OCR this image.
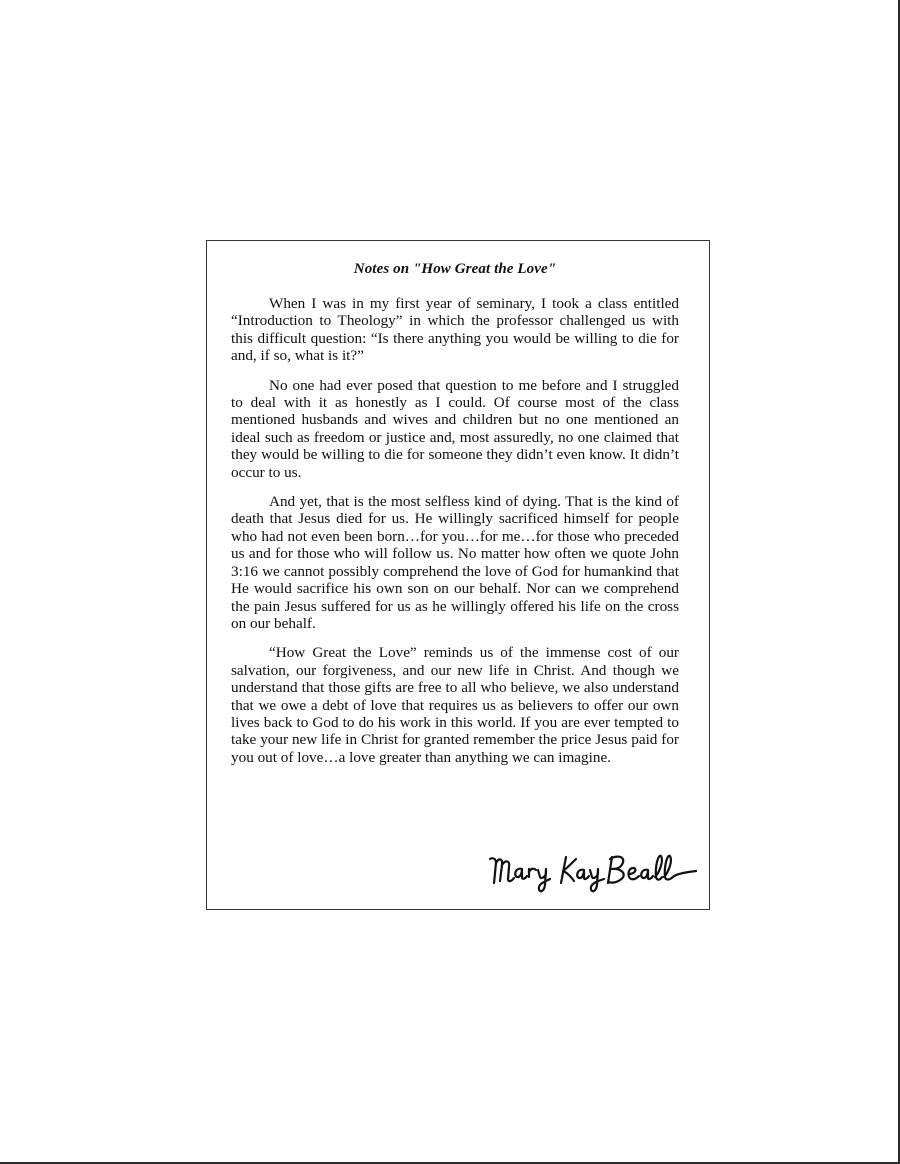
Notes on "How Great the Love"

When I was in my first year of seminary, I took a class entitled “Introduction to Theology” in which the professor challenged us with this difficult question: “Is there anything you would be willing to die for and, if so, what is it?”

No one had ever posed that question to me before and I struggled to deal with it as honestly as I could. Of course most of the class mentioned husbands and wives and children but no one mentioned an ideal such as freedom or justice and, most assuredly, no one claimed that they would be willing to die for someone they didn’t even know. It didn’t occur to us.

And yet, that is the most selfless kind of dying. That is the kind of death that Jesus died for us. He willingly sacrificed himself for people who had not even been born…for you…for me…for those who preceded us and for those who will follow us. No matter how often we quote John 3:16 we cannot possibly comprehend the love of God for humankind that He would sacrifice his own son on our behalf. Nor can we comprehend the pain Jesus suffered for us as he willingly offered his life on the cross on our behalf.

“How Great the Love” reminds us of the immense cost of our salvation, our forgiveness, and our new life in Christ. And though we understand that those gifts are free to all who believe, we also understand that we owe a debt of love that requires us as believers to offer our own lives back to God to do his work in this world. If you are ever tempted to take your new life in Christ for granted remember the price Jesus paid for you out of love…a love greater than anything we can imagine.
